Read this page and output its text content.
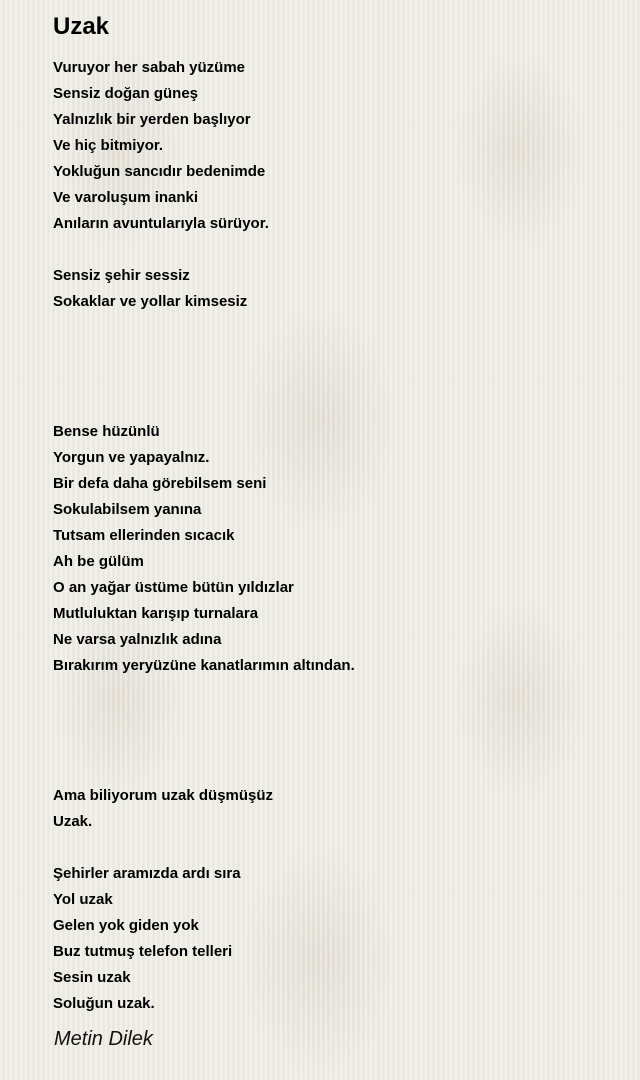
Uzak
Vuruyor her sabah yüzüme
Sensiz doğan güneş
Yalnızlık bir yerden başlıyor
Ve hiç bitmiyor.
Yokluğun sancıdır bedenimde
Ve varoluşum inanki
Anıların avuntularıyla sürüyor.
Sensiz şehir sessiz
Sokaklar ve yollar kimsesiz
Bense hüzünlü
Yorgun ve yapayalnız.
Bir defa daha görebilsem seni
Sokulabilsem yanına
Tutsam ellerinden sıcacık
Ah be gülüm
O an yağar üstüme bütün yıldızlar
Mutluluktan karışıp turnalara
Ne varsa yalnızlık adına
Bırakırım yeryüzüne kanatlarımın altından.
Ama biliyorum uzak düşmüşüz
Uzak.
Şehirler aramızda ardı sıra
Yol uzak
Gelen yok giden yok
Buz tutmuş telefon telleri
Sesin uzak
Soluğun uzak.
Metin Dilek
